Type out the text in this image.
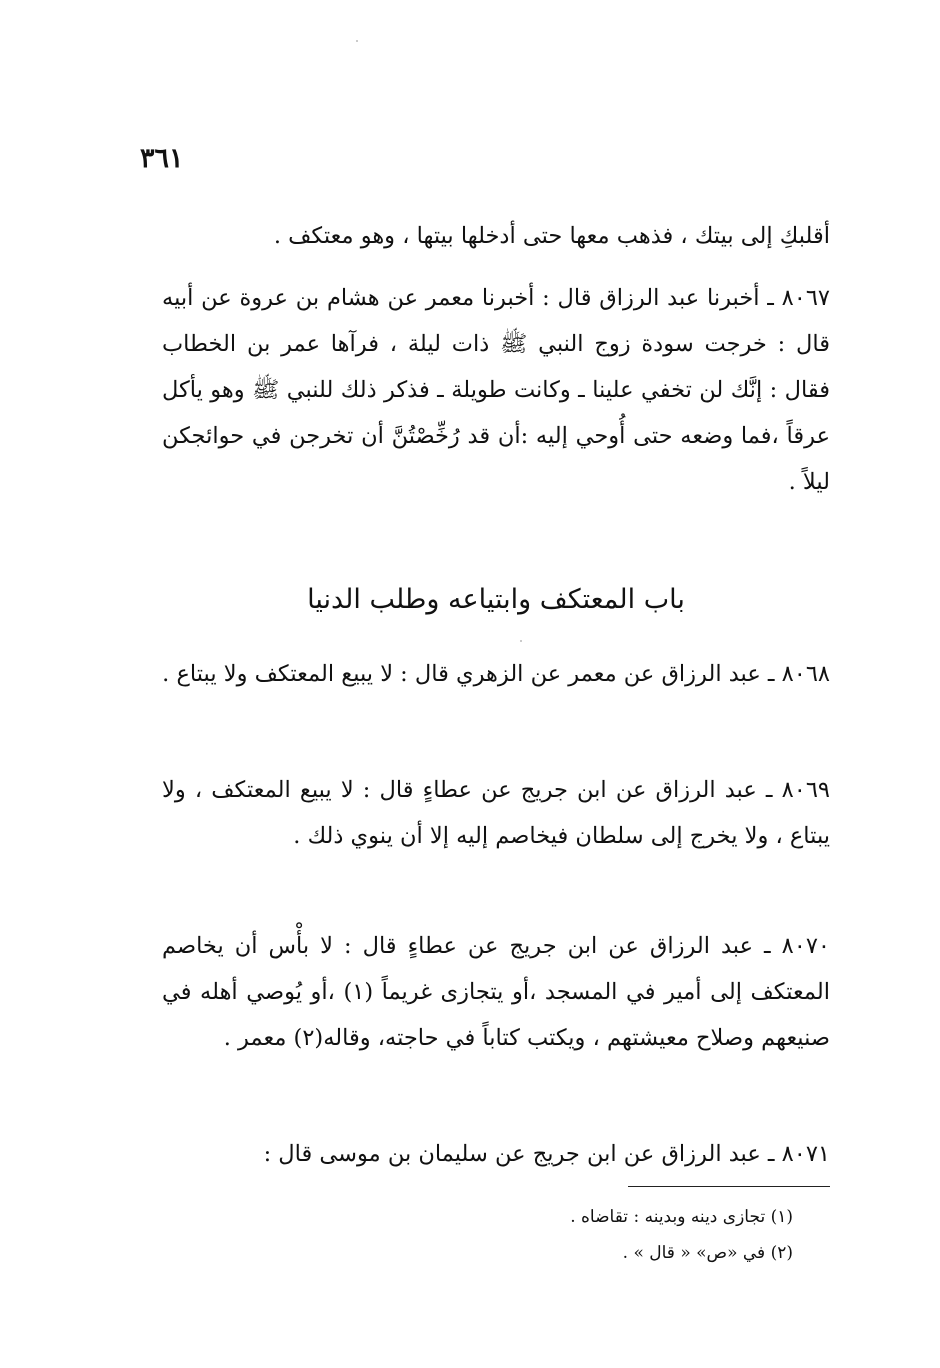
٣٦١
أقلبكِ إلى بيتك ، فذهب معها حتى أدخلها بيتها ، وهو معتكف .
٨٠٦٧ ـ أخبرنا عبد الرزاق قال : أخبرنا معمر عن هشام بن عروة عن أبيه قال : خرجت سودة زوج النبي ﷺ ذات ليلة ، فرآها عمر بن الخطاب فقال : إنَّك لن تخفي علينا ـ وكانت طويلة ـ فذكر ذلك للنبي ﷺ وهو يأكل عرقاً ،فما وضعه حتى أُوحي إليه :أن قد رُخِّصْتُنَّ أن تخرجن في حوائجكن ليلاً .
باب المعتكف وابتياعه وطلب الدنيا
٨٠٦٨ ـ عبد الرزاق عن معمر عن الزهري قال : لا يبيع المعتكف ولا يبتاع .
٨٠٦٩ ـ عبد الرزاق عن ابن جريج عن عطاءٍ قال : لا يبيع المعتكف ، ولا يبتاع ، ولا يخرج إلى سلطان فيخاصم إليه إلا أن ينوي ذلك .
٨٠٧٠ ـ عبد الرزاق عن ابن جريج عن عطاءٍ قال : لا بأْس أن يخاصم المعتكف إلى أمير في المسجد ،أو يتجازى غريماً (١) ،أو يُوصي أهله في صنيعهم وصلاح معيشتهم ، ويكتب كتاباً في حاجته، وقاله(٢) معمر .
٨٠٧١ ـ عبد الرزاق عن ابن جريج عن سليمان بن موسى قال :
(١) تجازى دينه وبدينه : تقاضاه .
(٢) في «ص» « قال » .
